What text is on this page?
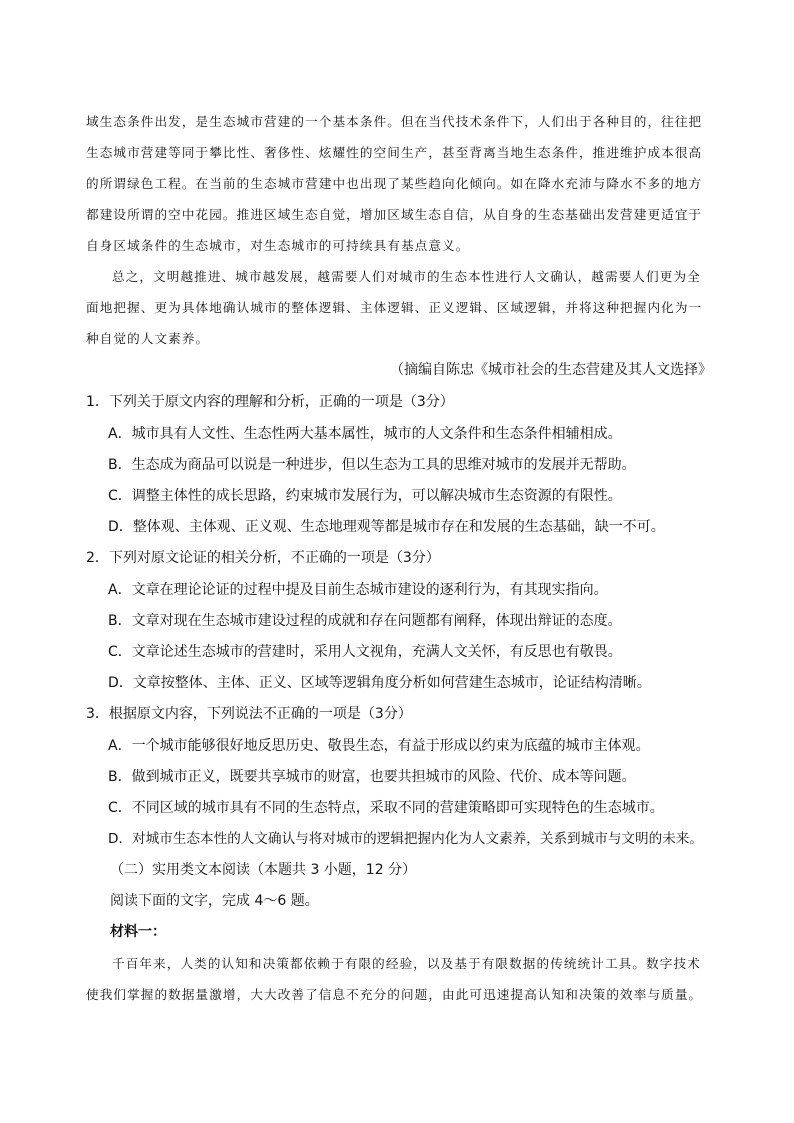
域生态条件出发，是生态城市营建的一个基本条件。但在当代技术条件下，人们出于各种目的，往往把
生态城市营建等同于攀比性、奢侈性、炫耀性的空间生产，甚至背离当地生态条件，推进维护成本很高
的所谓绿色工程。在当前的生态城市营建中也出现了某些趋向化倾向。如在降水充沛与降水不多的地方
都建设所谓的空中花园。推进区域生态自觉，增加区域生态自信，从自身的生态基础出发营建更适宜于
自身区域条件的生态城市，对生态城市的可持续具有基点意义。
总之，文明越推进、城市越发展，越需要人们对城市的生态本性进行人文确认，越需要人们更为全
面地把握、更为具体地确认城市的整体逻辑、主体逻辑、正义逻辑、区域逻辑，并将这种把握内化为一
种自觉的人文素养。
（摘编自陈忠《城市社会的生态营建及其人文选择》
1．下列关于原文内容的理解和分析，正确的一项是（3分）
A．城市具有人文性、生态性两大基本属性，城市的人文条件和生态条件相辅相成。
B．生态成为商品可以说是一种进步，但以生态为工具的思维对城市的发展并无帮助。
C．调整主体性的成长思路，约束城市发展行为，可以解决城市生态资源的有限性。
D．整体观、主体观、正义观、生态地理观等都是城市存在和发展的生态基础，缺一不可。
2．下列对原文论证的相关分析，不正确的一项是（3分）
A．文章在理论论证的过程中提及目前生态城市建设的逐利行为，有其现实指向。
B．文章对现在生态城市建设过程的成就和存在问题都有阐释，体现出辩证的态度。
C．文章论述生态城市的营建时，采用人文视角，充满人文关怀，有反思也有敬畏。
D．文章按整体、主体、正义、区域等逻辑角度分析如何营建生态城市，论证结构清晰。
3．根据原文内容，下列说法不正确的一项是（3分）
A．一个城市能够很好地反思历史、敬畏生态，有益于形成以约束为底蕴的城市主体观。
B．做到城市正义，既要共享城市的财富，也要共担城市的风险、代价、成本等问题。
C．不同区域的城市具有不同的生态特点，采取不同的营建策略即可实现特色的生态城市。
D．对城市生态本性的人文确认与将对城市的逻辑把握内化为人文素养，关系到城市与文明的未来。
（二）实用类文本阅读（本题共 3 小题，12 分）
阅读下面的文字，完成 4～6 题。
材料一：
千百年来，人类的认知和决策都依赖于有限的经验，以及基于有限数据的传统统计工具。数字技术
使我们掌握的数据量激增，大大改善了信息不充分的问题，由此可迅速提高认知和决策的效率与质量。
